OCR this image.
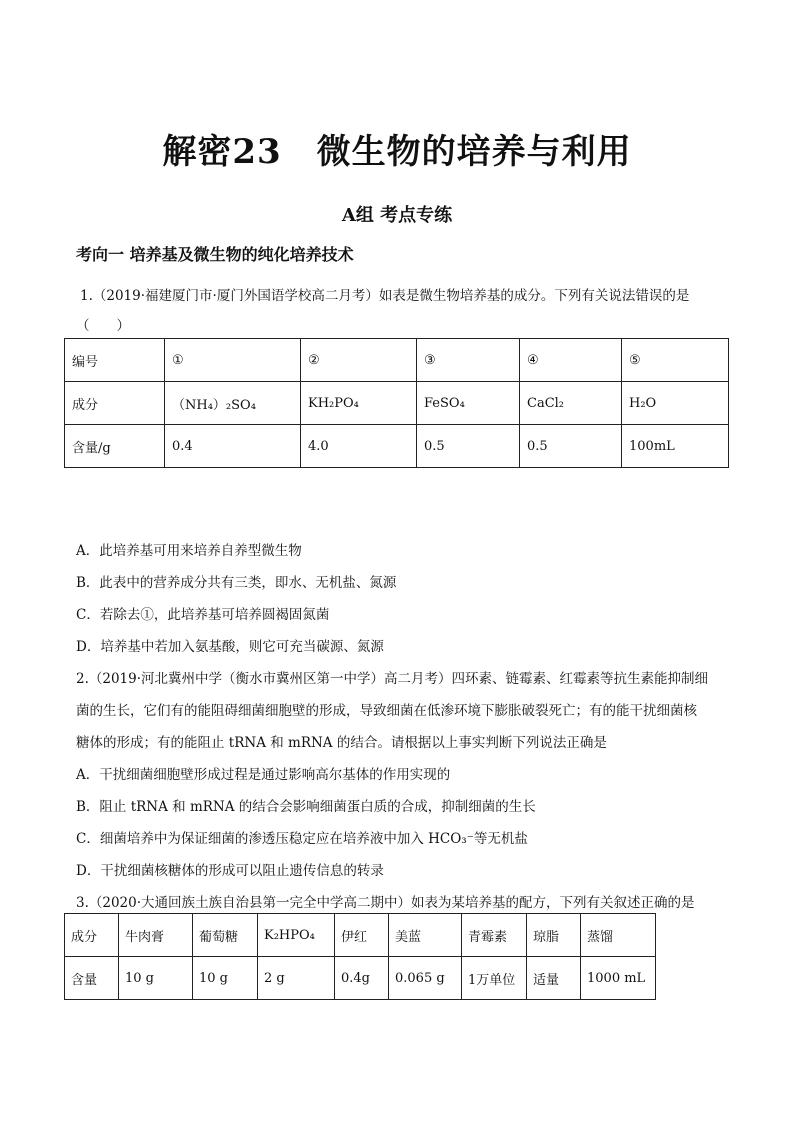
解密23　微生物的培养与利用
A组 考点专练
考向一 培养基及微生物的纯化培养技术
1.（2019·福建厦门市·厦门外国语学校高二月考）如表是微生物培养基的成分。下列有关说法错误的是
（　　）
编号	①	②	③	④	⑤
成分	（NH₄）₂SO₄	KH₂PO₄	FeSO₄	CaCl₂	H₂O
含量/g	0.4	4.0	0.5	0.5	100mL
A．此培养基可用来培养自养型微生物
B．此表中的营养成分共有三类，即水、无机盐、氮源
C．若除去①，此培养基可培养圆褐固氮菌
D．培养基中若加入氨基酸，则它可充当碳源、氮源
2.（2019·河北冀州中学（衡水市冀州区第一中学）高二月考）四环素、链霉素、红霉素等抗生素能抑制细
菌的生长，它们有的能阻碍细菌细胞壁的形成，导致细菌在低渗环境下膨胀破裂死亡；有的能干扰细菌核
糖体的形成；有的能阻止 tRNA 和 mRNA 的结合。请根据以上事实判断下列说法正确是
A．干扰细菌细胞壁形成过程是通过影响高尔基体的作用实现的
B．阻止 tRNA 和 mRNA 的结合会影响细菌蛋白质的合成，抑制细菌的生长
C．细菌培养中为保证细菌的渗透压稳定应在培养液中加入 HCO₃⁻等无机盐
D．干扰细菌核糖体的形成可以阻止遗传信息的转录
3.（2020·大通回族土族自治县第一完全中学高二期中）如表为某培养基的配方，下列有关叙述正确的是
成分	牛肉膏	葡萄糖	K₂HPO₄	伊红	美蓝	青霉素	琼脂	蒸馏
含量	10 g	10 g	2 g	0.4g	0.065 g	1万单位	适量	1000 mL
